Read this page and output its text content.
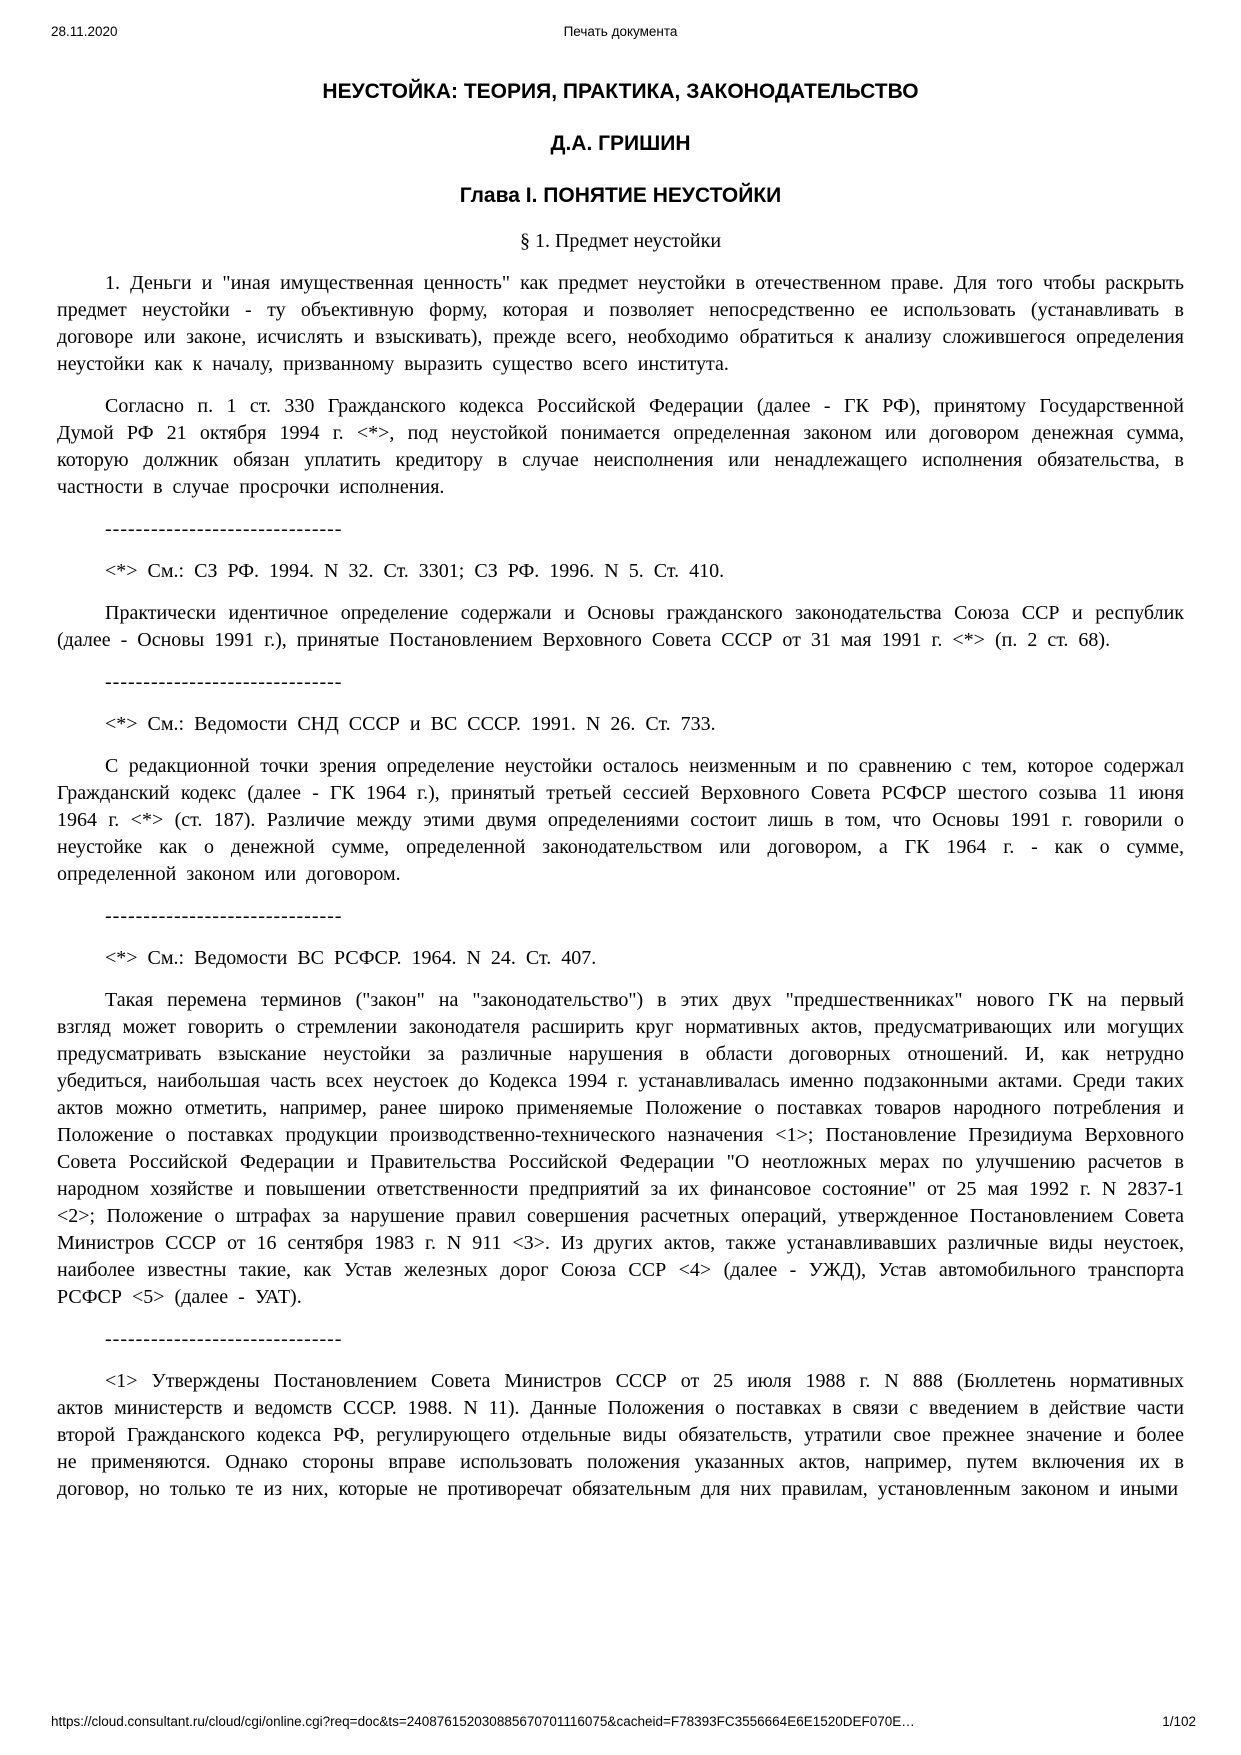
28.11.2020	Печать документа

НЕУСТОЙКА: ТЕОРИЯ, ПРАКТИКА, ЗАКОНОДАТЕЛЬСТВО

Д.А. ГРИШИН

Глава I. ПОНЯТИЕ НЕУСТОЙКИ

§ 1. Предмет неустойки

1. Деньги и "иная имущественная ценность" как предмет неустойки в отечественном праве. Для того чтобы раскрыть предмет неустойки - ту объективную форму, которая и позволяет непосредственно ее использовать (устанавливать в договоре или законе, исчислять и взыскивать), прежде всего, необходимо обратиться к анализу сложившегося определения неустойки как к началу, призванному выразить существо всего института.

Согласно п. 1 ст. 330 Гражданского кодекса Российской Федерации (далее - ГК РФ), принятому Государственной Думой РФ 21 октября 1994 г. <*>, под неустойкой понимается определенная законом или договором денежная сумма, которую должник обязан уплатить кредитору в случае неисполнения или ненадлежащего исполнения обязательства, в частности в случае просрочки исполнения.

-------------------------------

<*> См.: СЗ РФ. 1994. N 32. Ст. 3301; СЗ РФ. 1996. N 5. Ст. 410.

Практически идентичное определение содержали и Основы гражданского законодательства Союза ССР и республик (далее - Основы 1991 г.), принятые Постановлением Верховного Совета СССР от 31 мая 1991 г. <*> (п. 2 ст. 68).

-------------------------------

<*> См.: Ведомости СНД СССР и ВС СССР. 1991. N 26. Ст. 733.

С редакционной точки зрения определение неустойки осталось неизменным и по сравнению с тем, которое содержал Гражданский кодекс (далее - ГК 1964 г.), принятый третьей сессией Верховного Совета РСФСР шестого созыва 11 июня 1964 г. <*> (ст. 187). Различие между этими двумя определениями состоит лишь в том, что Основы 1991 г. говорили о неустойке как о денежной сумме, определенной законодательством или договором, а ГК 1964 г. - как о сумме, определенной законом или договором.

-------------------------------

<*> См.: Ведомости ВС РСФСР. 1964. N 24. Ст. 407.

Такая перемена терминов ("закон" на "законодательство") в этих двух "предшественниках" нового ГК на первый взгляд может говорить о стремлении законодателя расширить круг нормативных актов, предусматривающих или могущих предусматривать взыскание неустойки за различные нарушения в области договорных отношений. И, как нетрудно убедиться, наибольшая часть всех неустоек до Кодекса 1994 г. устанавливалась именно подзаконными актами. Среди таких актов можно отметить, например, ранее широко применяемые Положение о поставках товаров народного потребления и Положение о поставках продукции производственно-технического назначения <1>; Постановление Президиума Верховного Совета Российской Федерации и Правительства Российской Федерации "О неотложных мерах по улучшению расчетов в народном хозяйстве и повышении ответственности предприятий за их финансовое состояние" от 25 мая 1992 г. N 2837-1 <2>; Положение о штрафах за нарушение правил совершения расчетных операций, утвержденное Постановлением Совета Министров СССР от 16 сентября 1983 г. N 911 <3>. Из других актов, также устанавливавших различные виды неустоек, наиболее известны такие, как Устав железных дорог Союза ССР <4> (далее - УЖД), Устав автомобильного транспорта РСФСР <5> (далее - УАТ).

-------------------------------

<1> Утверждены Постановлением Совета Министров СССР от 25 июля 1988 г. N 888 (Бюллетень нормативных актов министерств и ведомств СССР. 1988. N 11). Данные Положения о поставках в связи с введением в действие части второй Гражданского кодекса РФ, регулирующего отдельные виды обязательств, утратили свое прежнее значение и более не применяются. Однако стороны вправе использовать положения указанных актов, например, путем включения их в договор, но только те из них, которые не противоречат обязательным для них правилам, установленным законом и иными

https://cloud.consultant.ru/cloud/cgi/online.cgi?req=doc&ts=240876152030885670701116075&cacheid=F78393FC3556664E6E1520DEF070E…	1/102
